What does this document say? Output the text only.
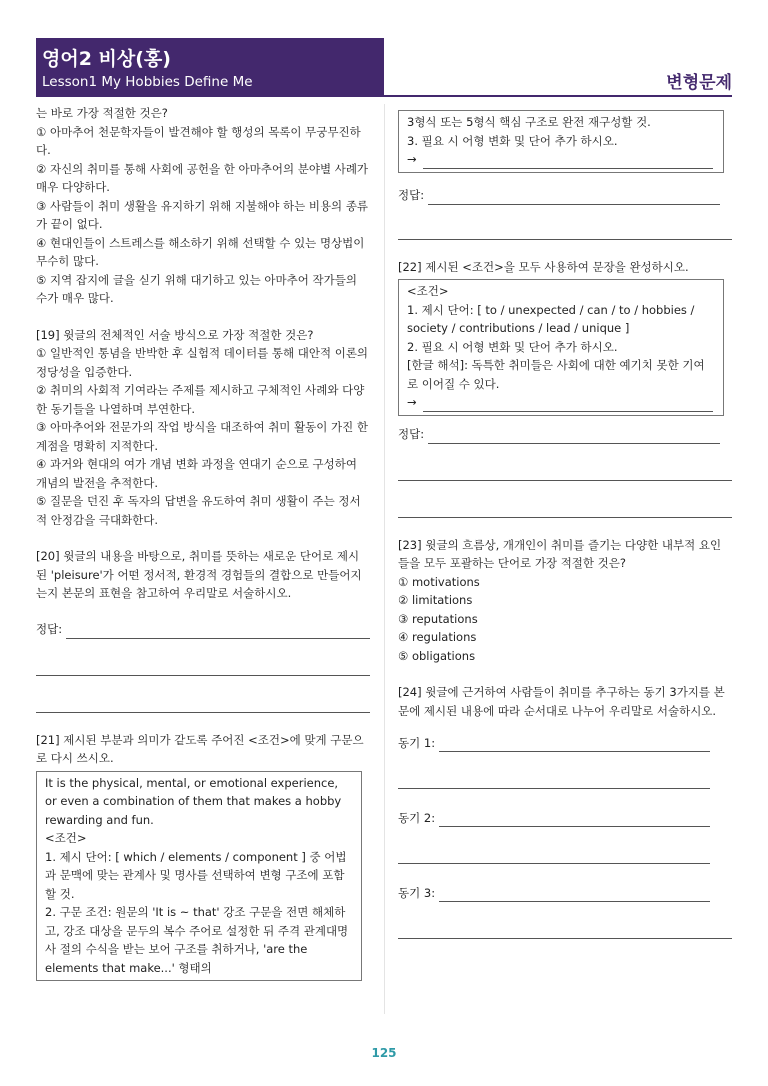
영어2 비상(홍)
Lesson1 My Hobbies Define Me	변형문제

는 바로 가장 적절한 것은?

① 아마추어 천문학자들이 발견해야 할 행성의 목록이 무궁무진하다.

② 자신의 취미를 통해 사회에 공헌을 한 아마추어의 분야별 사례가 매우 다양하다.

③ 사람들이 취미 생활을 유지하기 위해 지불해야 하는 비용의 종류가 끝이 없다.

④ 현대인들이 스트레스를 해소하기 위해 선택할 수 있는 명상법이 무수히 많다.

⑤ 지역 잡지에 글을 싣기 위해 대기하고 있는 아마추어 작가들의 수가 매우 많다.

[19] 윗글의 전체적인 서술 방식으로 가장 적절한 것은?

① 일반적인 통념을 반박한 후 실험적 데이터를 통해 대안적 이론의 정당성을 입증한다.

② 취미의 사회적 기여라는 주제를 제시하고 구체적인 사례와 다양한 동기들을 나열하며 부연한다.

③ 아마추어와 전문가의 작업 방식을 대조하여 취미 활동이 가진 한계점을 명확히 지적한다.

④ 과거와 현대의 여가 개념 변화 과정을 연대기 순으로 구성하여 개념의 발전을 추적한다.

⑤ 질문을 던진 후 독자의 답변을 유도하여 취미 생활이 주는 정서적 안정감을 극대화한다.

[20] 윗글의 내용을 바탕으로, 취미를 뜻하는 새로운 단어로 제시된 'pleisure'가 어떤 정서적, 환경적 경험들의 결합으로 만들어지는지 본문의 표현을 참고하여 우리말로 서술하시오.

정답:

[21] 제시된 부분과 의미가 같도록 주어진 <조건>에 맞게 구문으로 다시 쓰시오.

It is the physical, mental, or emotional experience, or even a combination of them that makes a hobby rewarding and fun.

<조건>

1. 제시 단어: [ which / elements / component ] 중 어법과 문맥에 맞는 관계사 및 명사를 선택하여 변형 구조에 포함할 것.

2. 구문 조건: 원문의 'It is ~ that' 강조 구문을 전면 해체하고, 강조 대상을 문두의 복수 주어로 설정한 뒤 주격 관계대명사 절의 수식을 받는 보어 구조를 취하거나, 'are the elements that make...' 형태의

3형식 또는 5형식 핵심 구조로 완전 재구성할 것.

3. 필요 시 어형 변화 및 단어 추가 하시오.

→
정답:

[22] 제시된 <조건>을 모두 사용하여 문장을 완성하시오.

<조건>

1. 제시 단어: [ to / unexpected / can / to / hobbies / society / contributions / lead / unique ]

2. 필요 시 어형 변화 및 단어 추가 하시오.

[한글 해석]: 독특한 취미들은 사회에 대한 예기치 못한 기여로 이어질 수 있다.

→
정답:

[23] 윗글의 흐름상, 개개인이 취미를 즐기는 다양한 내부적 요인들을 모두 포괄하는 단어로 가장 적절한 것은?

① motivations

② limitations

③ reputations

④ regulations

⑤ obligations

[24] 윗글에 근거하여 사람들이 취미를 추구하는 동기 3가지를 본문에 제시된 내용에 따라 순서대로 나누어 우리말로 서술하시오.

동기 1:
동기 2:
동기 3:
125
